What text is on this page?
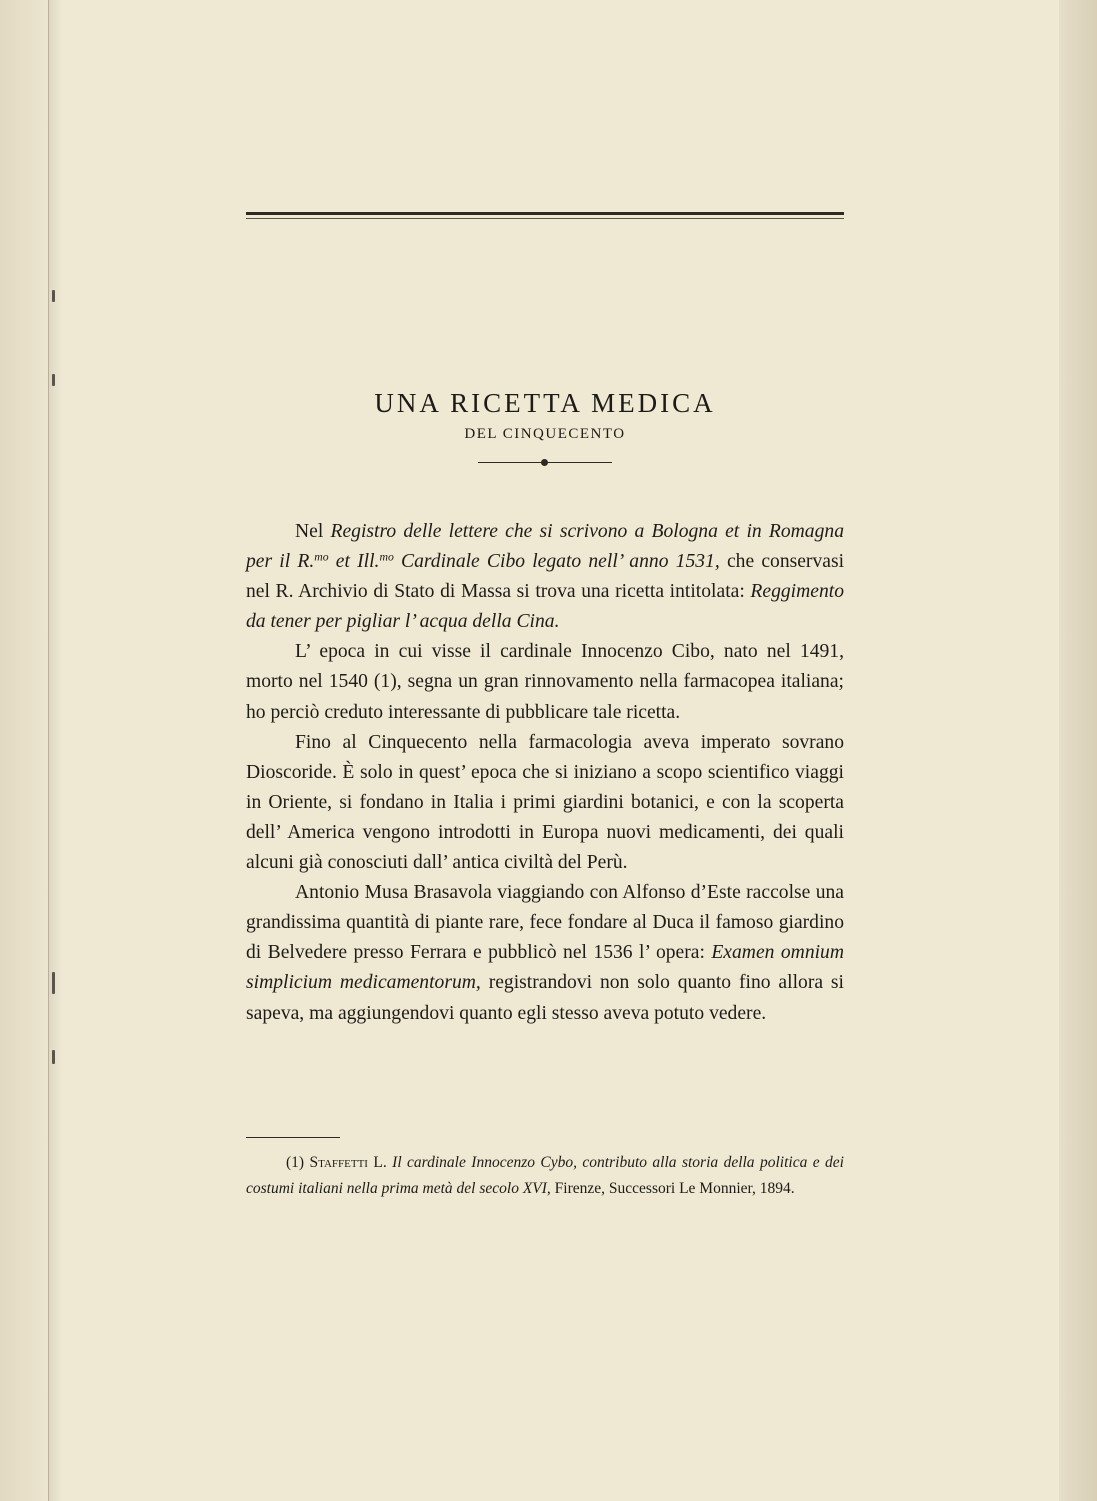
UNA RICETTA MEDICA
DEL CINQUECENTO

Nel Registro delle lettere che si scrivono a Bologna et in Romagna per il R.$^{mo}$ et Ill.$^{mo}$ Cardinale Cibo legato nell’ anno 1531, che conservasi nel R. Archivio di Stato di Massa si trova una ricetta intitolata: Reggimento da tener per pigliar l’ acqua della Cina.

L’ epoca in cui visse il cardinale Innocenzo Cibo, nato nel 1491, morto nel 1540 (1), segna un gran rinnovamento nella farmacopea italiana; ho perciò creduto interessante di pubblicare tale ricetta.

Fino al Cinquecento nella farmacologia aveva imperato sovrano Dioscoride. È solo in quest’ epoca che si iniziano a scopo scientifico viaggi in Oriente, si fondano in Italia i primi giardini botanici, e con la scoperta dell’ America vengono introdotti in Europa nuovi medicamenti, dei quali alcuni già conosciuti dall’ antica civiltà del Perù.

Antonio Musa Brasavola viaggiando con Alfonso d’Este raccolse una grandissima quantità di piante rare, fece fondare al Duca il famoso giardino di Belvedere presso Ferrara e pubblicò nel 1536 l’ opera: Examen omnium simplicium medicamentorum, registrandovi non solo quanto fino allora si sapeva, ma aggiungendovi quanto egli stesso aveva potuto vedere.

(1) Staffetti L. Il cardinale Innocenzo Cybo, contributo alla storia della politica e dei costumi italiani nella prima metà del secolo XVI, Firenze, Successori Le Monnier, 1894.
